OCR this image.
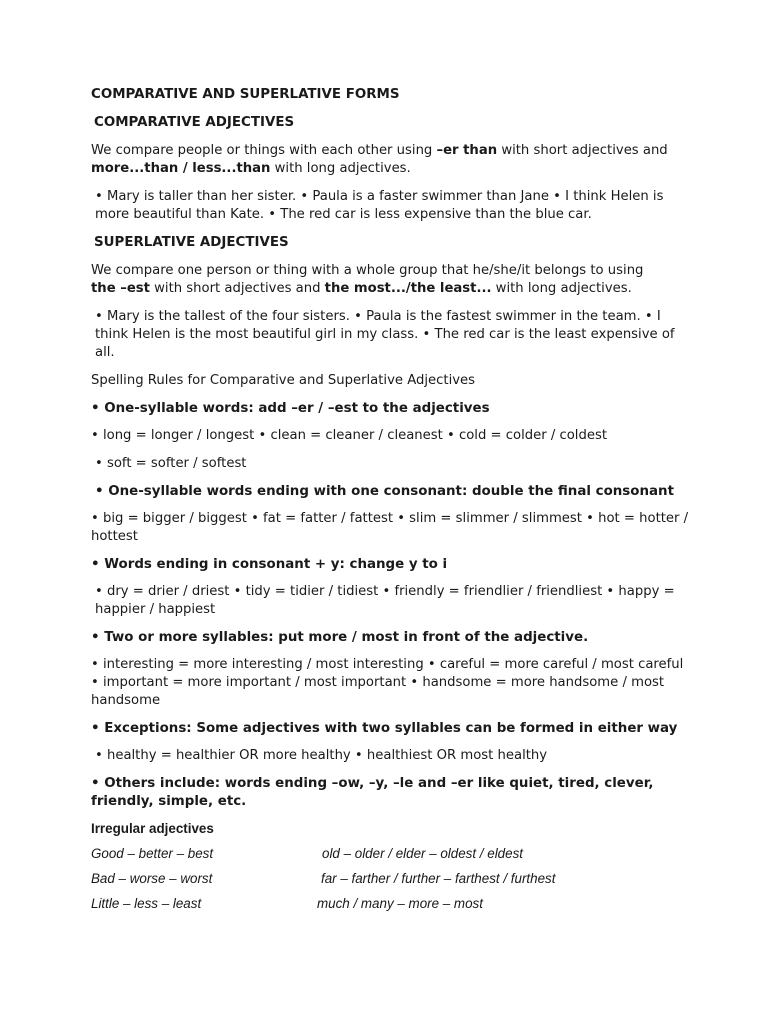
COMPARATIVE AND SUPERLATIVE FORMS

COMPARATIVE ADJECTIVES

We compare people or things with each other using –er than with short adjectives and
more...than / less...than with long adjectives.

• Mary is taller than her sister. • Paula is a faster swimmer than Jane • I think Helen is more beautiful than Kate. • The red car is less expensive than the blue car.

SUPERLATIVE ADJECTIVES

We compare one person or thing with a whole group that he/she/it belongs to using
the –est with short adjectives and the most.../the least... with long adjectives.

• Mary is the tallest of the four sisters. • Paula is the fastest swimmer in the team. • I think Helen is the most beautiful girl in my class. • The red car is the least expensive of all.

Spelling Rules for Comparative and Superlative Adjectives

• One-syllable words: add –er / –est to the adjectives

• long = longer / longest • clean = cleaner / cleanest • cold = colder / coldest

• soft = softer / softest

• One-syllable words ending with one consonant: double the final consonant

• big = bigger / biggest • fat = fatter / fattest • slim = slimmer / slimmest • hot = hotter / hottest

• Words ending in consonant + y: change y to i

• dry = drier / driest • tidy = tidier / tidiest • friendly = friendlier / friendliest • happy = happier / happiest

• Two or more syllables: put more / most in front of the adjective.

• interesting = more interesting / most interesting • careful = more careful / most careful • important = more important / most important • handsome = more handsome / most handsome

• Exceptions: Some adjectives with two syllables can be formed in either way

• healthy = healthier OR more healthy • healthiest OR most healthy

• Others include: words ending –ow, –y, –le and –er like quiet, tired, clever, friendly, simple, etc.

Irregular adjectives

Good – better – best	old – older / elder – oldest / eldest
Bad – worse – worst	far – farther / further – farthest / furthest
Little – less – least	much / many – more – most
